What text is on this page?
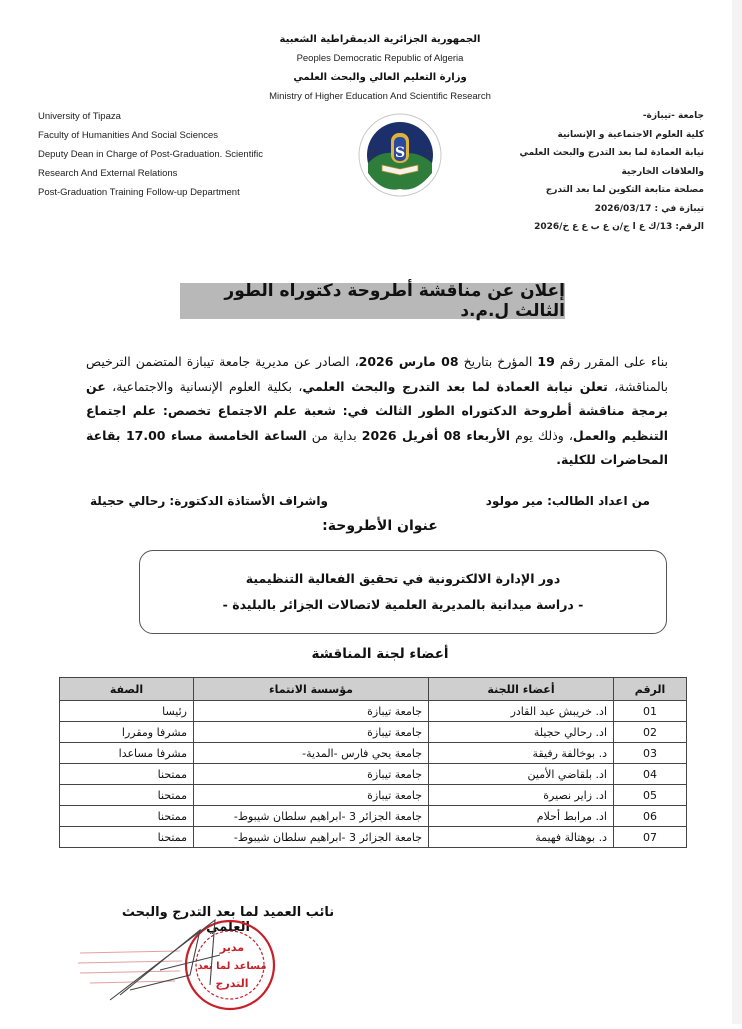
الجمهورية الجزائرية الديمقراطية الشعبية
Peoples Democratic Republic of Algeria
وزارة التعليم العالي والبحث العلمي
Ministry of Higher Education And Scientific Research
University of Tipaza
Faculty of Humanities And Social Sciences
Deputy Dean in Charge of Post-Graduation. Scientific
Research And External Relations
Post-Graduation Training Follow-up Department
S
جامعة -تيبازة-
كلية العلوم الاجتماعية و الإنسانية
نيابة العمادة لما بعد التدرج والبحث العلمي
والعلاقات الخارجية
مصلحة متابعة التكوين لما بعد التدرج
تيبازة في : 2026/03/17
الرقم: 13/ك ع ا ج/ن ع ب ع ع خ/2026
إعلان عن مناقشة أطروحة دكتوراه الطور الثالث ل.م.د

بناء على المقرر رقم 19 المؤرخ بتاريخ 08 مارس 2026، الصادر عن مديرية جامعة تيبازة المتضمن الترخيص بالمناقشة، تعلن نيابة العمادة لما بعد التدرج والبحث العلمي، بكلية العلوم الإنسانية والاجتماعية، عن برمجة مناقشة أطروحة الدكتوراه الطور الثالث في: شعبة علم الاجتماع تخصص: علم اجتماع التنظيم والعمل، وذلك يوم الأربعاء 08 أفريل 2026 بداية من الساعة الخامسة مساء 17.00 بقاعة المحاضرات للكلية.

من اعداد الطالب: مير مولود
واشراف الأستاذة الدكتورة: رحالي حجيلة
عنوان الأطروحة:
دور الإدارة الالكترونية في تحقيق الفعالية التنظيمية
- دراسة ميدانية بالمديرية العلمية لاتصالات الجزائر بالبليدة -
أعضاء لجنة المناقشة
الرقم	أعضاء اللجنة	مؤسسة الانتماء	الصفة
01	اد. خريبش عبد القادر	جامعة تيبازة	رئيسا
02	اد. رحالي حجيلة	جامعة تيبازة	مشرفا ومقررا
03	د. بوخالفة رفيقة	جامعة يحي فارس -المدية-	مشرفا مساعدا
04	اد. بلقاضي الأمين	جامعة تيبازة	ممتحنا
05	اد. زاير نصيرة	جامعة تيبازة	ممتحنا
06	اد. مرابط أحلام	جامعة الجزائر 3 -ابراهيم سلطان شيبوط-	ممتحنا
07	د. بوهتالة فهيمة	جامعة الجزائر 3 -ابراهيم سلطان شيبوط-	ممتحنا
نائب العميد لما بعد التدرج والبحث العلمي
مدير
مساعد لما بعد
التدرج
